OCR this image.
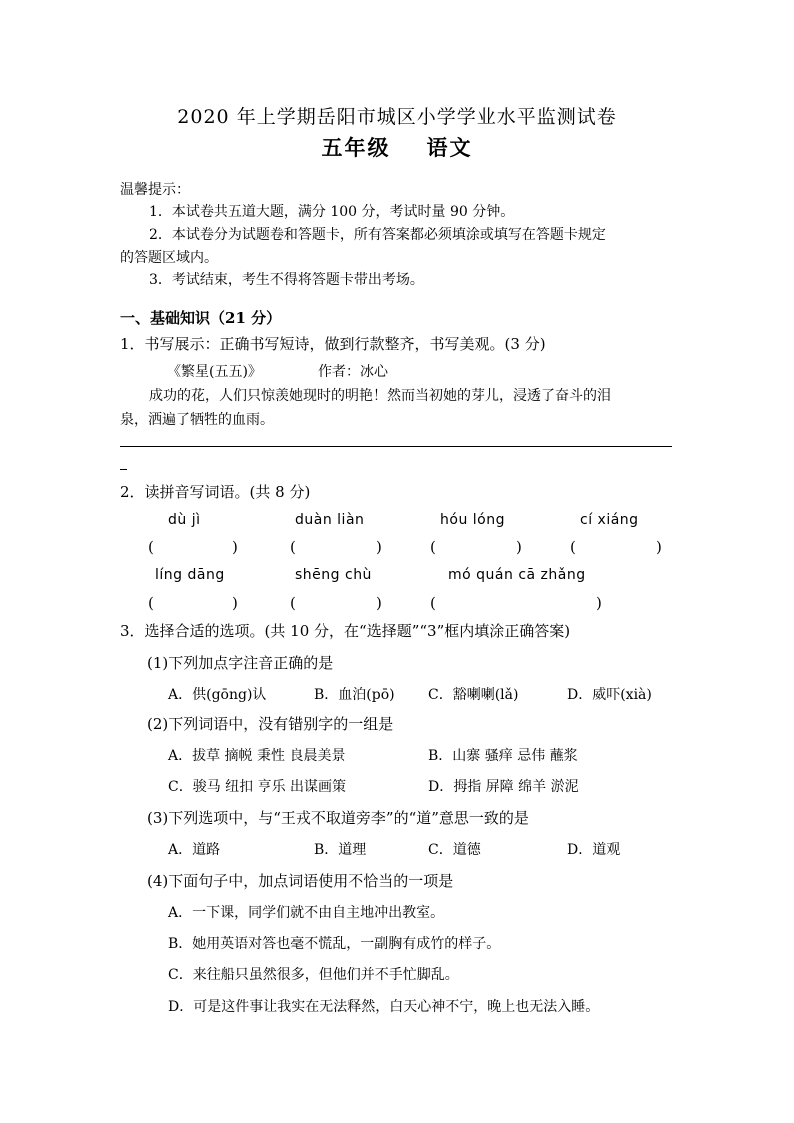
2020 年上学期岳阳市城区小学学业水平监测试卷
五年级 语文
温馨提示：
1．本试卷共五道大题，满分 100 分，考试时量 90 分钟。
2．本试卷分为试题卷和答题卡，所有答案都必须填涂或填写在答题卡规定
的答题区域内。
3．考试结束，考生不得将答题卡带出考场。
一、基础知识（21 分）
1．书写展示：正确书写短诗，做到行款整齐，书写美观。(3 分)
《繁星(五五)》	作者：冰心
成功的花，人们只惊羡她现时的明艳！然而当初她的芽儿，浸透了奋斗的泪
泉，洒遍了牺牲的血雨。
2．读拼音写词语。(共 8 分)
dù jì	duàn liàn	hóu lóng	cí xiáng
(	)	(	)	(	)	(	)
líng dāng	shēng chù	mó quán cā zhǎng
(	)	(	)	(	)
3．选择合适的选项。(共 10 分，在“选择题”“3”框内填涂正确答案)
(1)下列加点字注音正确的是
A．供(gōng)认	B．血泊(pō) C．豁喇喇(lǎ)	D．威吓(xià)
(2)下列词语中，没有错别字的一组是
A．拔草 摘帨 秉性 良晨美景	B．山寨 骚痒 忌伟 蘸浆
C．骏马 纽扣 亨乐 出谋画策	D．拇指 屏障 绵羊 淤泥
(3)下列选项中，与“王戎不取道旁李”的“道”意思一致的是
A．道路	B．道理	C．道德	D．道观
(4)下面句子中，加点词语使用不恰当的一项是
A．一下课，同学们就不由自主地冲出教室。
B．她用英语对答也毫不慌乱，一副胸有成竹的样子。
C．来往船只虽然很多，但他们并不手忙脚乱。
D．可是这件事让我实在无法释然，白天心神不宁，晚上也无法入睡。
